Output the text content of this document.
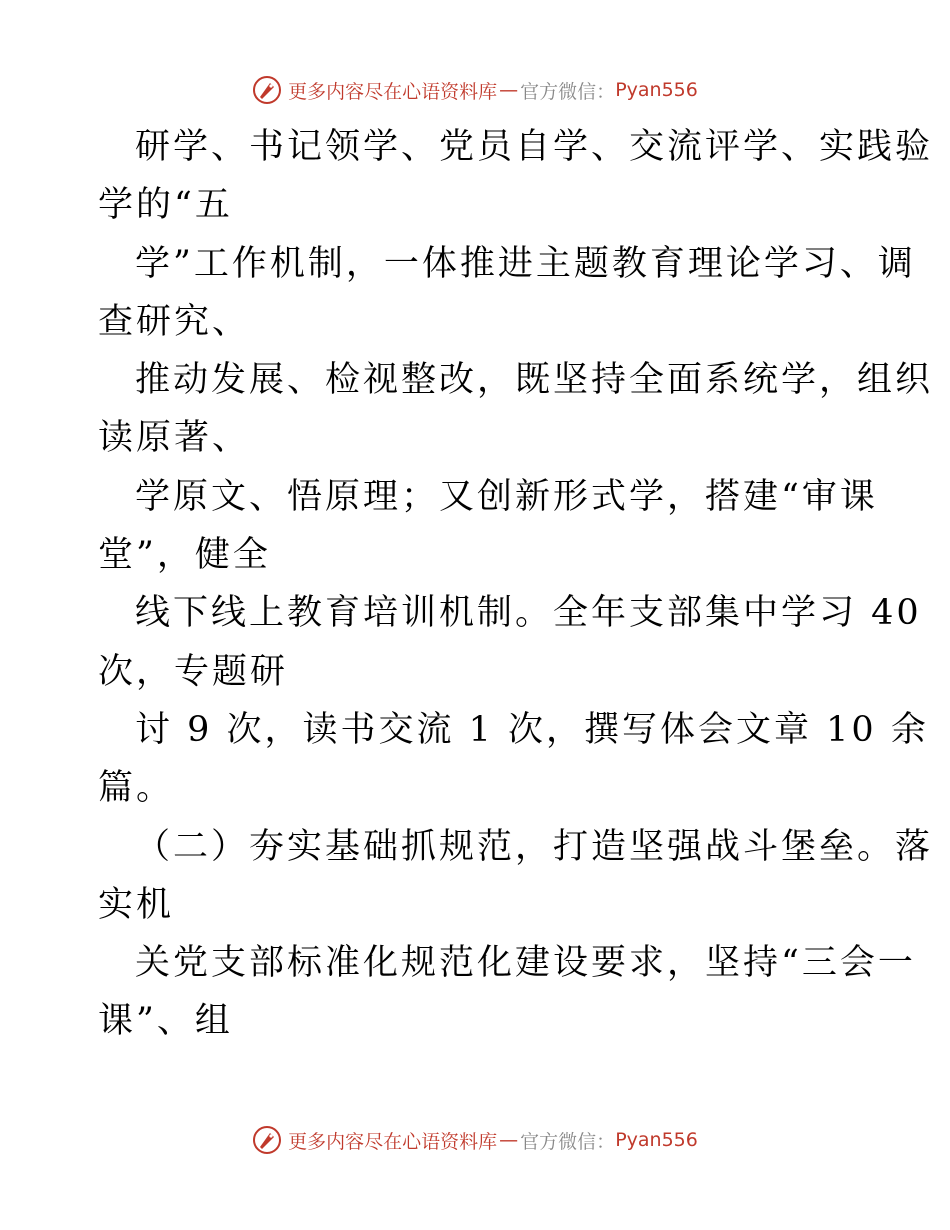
更多内容尽在心语资料库 — 官方微信： Pyan556
研学、书记领学、党员自学、交流评学、实践验
学的“五
学”工作机制，一体推进主题教育理论学习、调
查研究、
推动发展、检视整改，既坚持全面系统学，组织
读原著、
学原文、悟原理；又创新形式学，搭建“审课
堂”，健全
线下线上教育培训机制。全年支部集中学习 40
次，专题研
讨 9 次，读书交流 1 次，撰写体会文章 10 余
篇。
（二）夯实基础抓规范，打造坚强战斗堡垒。落
实机
关党支部标准化规范化建设要求，坚持“三会一
课”、组
更多内容尽在心语资料库 — 官方微信： Pyan556
